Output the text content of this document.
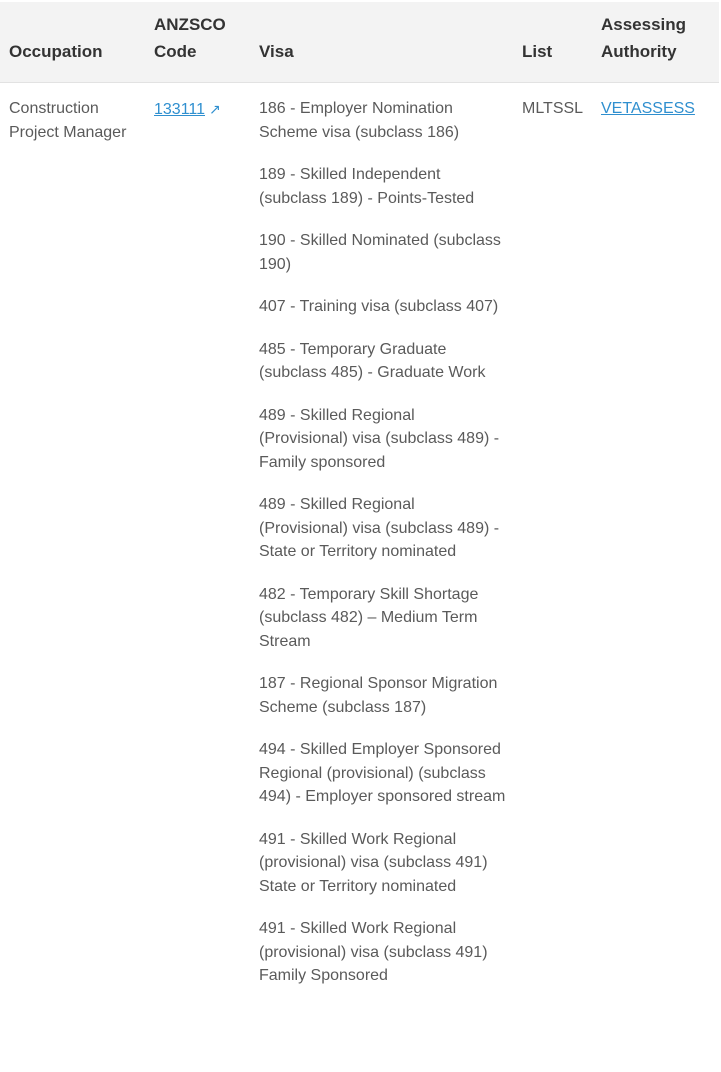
Occupation
ANZSCO
Code	Visa	List
Assessing
Authority
Construction
Project Manager
133111 ↗ 186 - Employer Nomination Scheme visa (subclass 186)
189 - Skilled Independent (subclass 189) - Points-Tested
190 - Skilled Nominated (subclass 190)
407 - Training visa (subclass 407)
485 - Temporary Graduate (subclass 485) - Graduate Work
489 - Skilled Regional (Provisional) visa (subclass 489) - Family sponsored
489 - Skilled Regional (Provisional) visa (subclass 489) - State or Territory nominated
482 - Temporary Skill Shortage (subclass 482) – Medium Term Stream
187 - Regional Sponsor Migration Scheme (subclass 187)
494 - Skilled Employer Sponsored Regional (provisional) (subclass 494) - Employer sponsored stream
491 - Skilled Work Regional (provisional) visa (subclass 491) State or Territory nominated
491 - Skilled Work Regional (provisional) visa (subclass 491) Family Sponsored
MLTSSL VETASSESS
